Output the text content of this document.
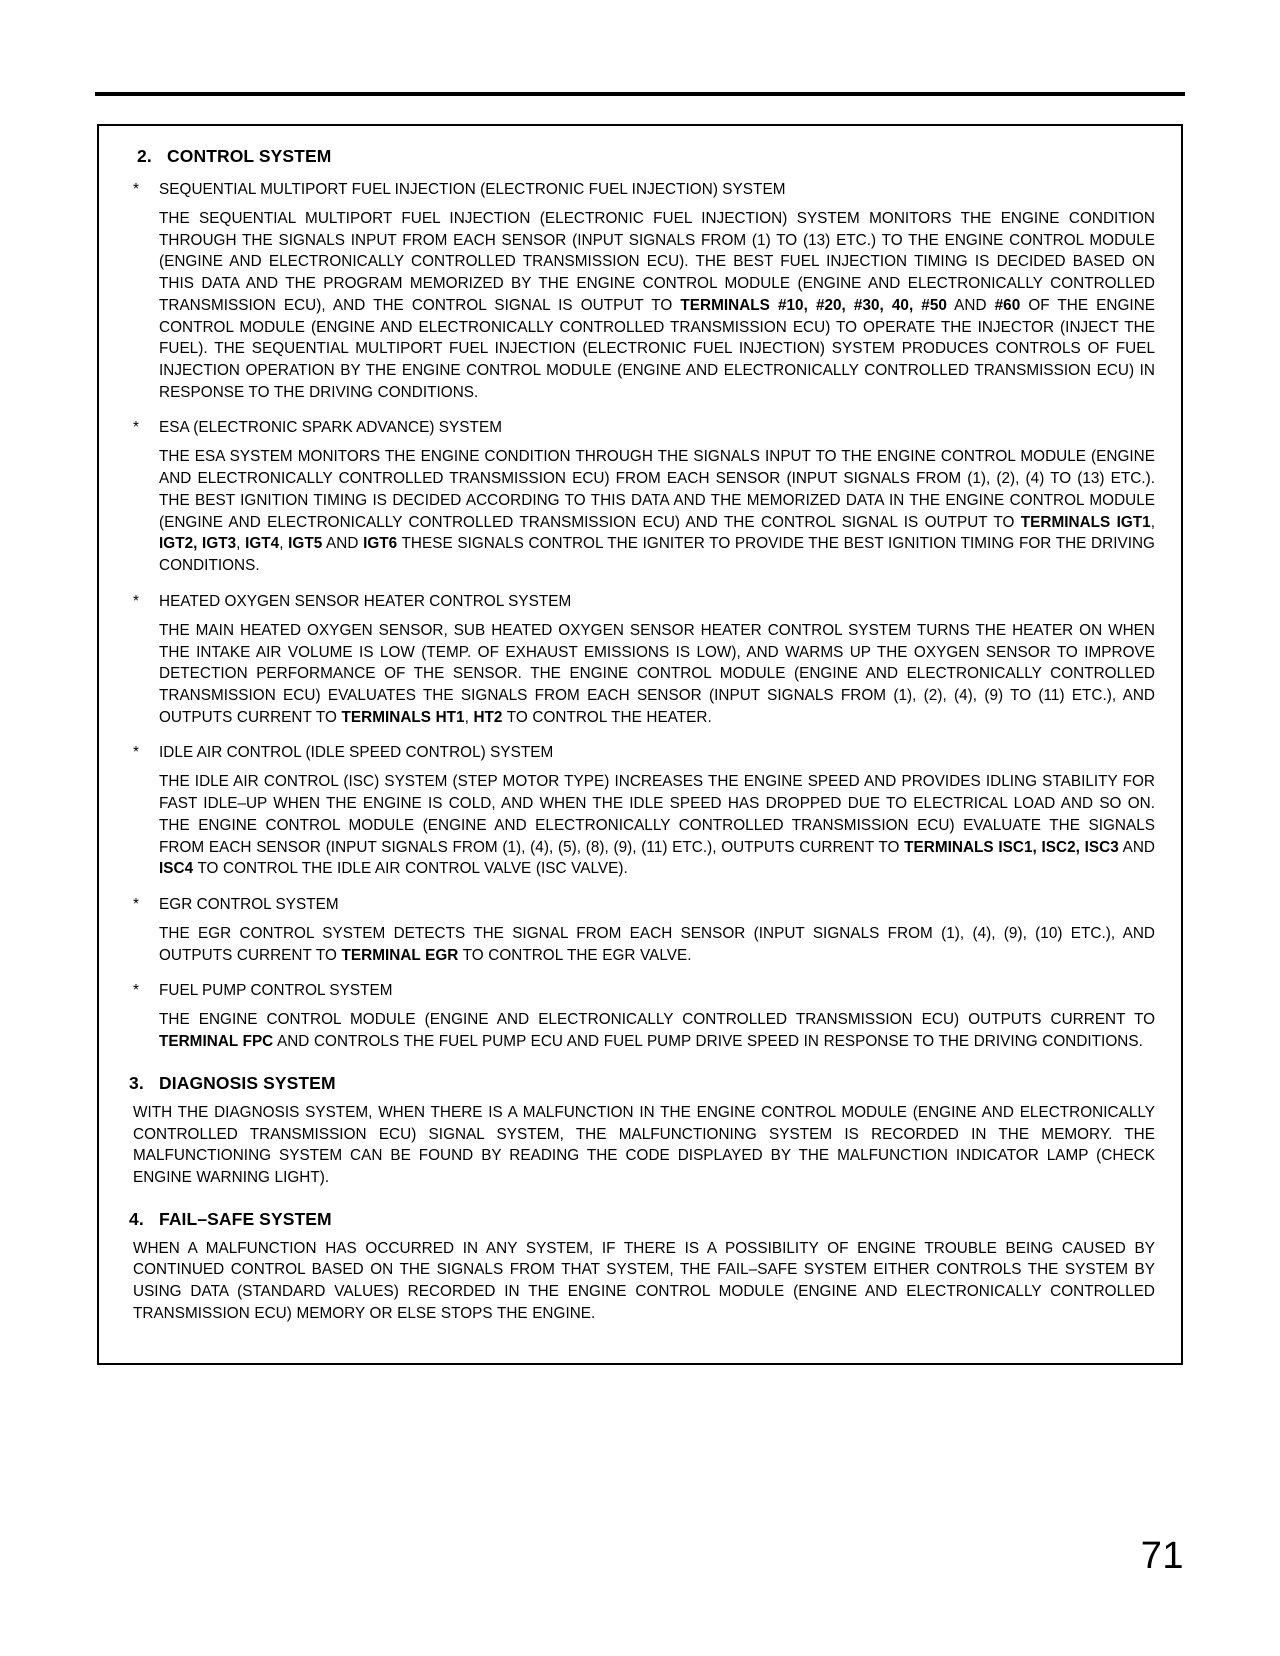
2. CONTROL SYSTEM
*	SEQUENTIAL MULTIPORT FUEL INJECTION (ELECTRONIC FUEL INJECTION) SYSTEM
THE SEQUENTIAL MULTIPORT FUEL INJECTION (ELECTRONIC FUEL INJECTION) SYSTEM MONITORS THE ENGINE CONDITION THROUGH THE SIGNALS INPUT FROM EACH SENSOR (INPUT SIGNALS FROM (1) TO (13) ETC.) TO THE ENGINE CONTROL MODULE (ENGINE AND ELECTRONICALLY CONTROLLED TRANSMISSION ECU). THE BEST FUEL INJECTION TIMING IS DECIDED BASED ON THIS DATA AND THE PROGRAM MEMORIZED BY THE ENGINE CONTROL MODULE (ENGINE AND ELECTRONICALLY CONTROLLED TRANSMISSION ECU), AND THE CONTROL SIGNAL IS OUTPUT TO TERMINALS #10, #20, #30, 40, #50 AND #60 OF THE ENGINE CONTROL MODULE (ENGINE AND ELECTRONICALLY CONTROLLED TRANSMISSION ECU) TO OPERATE THE INJECTOR (INJECT THE FUEL). THE SEQUENTIAL MULTIPORT FUEL INJECTION (ELECTRONIC FUEL INJECTION) SYSTEM PRODUCES CONTROLS OF FUEL INJECTION OPERATION BY THE ENGINE CONTROL MODULE (ENGINE AND ELECTRONICALLY CONTROLLED TRANSMISSION ECU) IN RESPONSE TO THE DRIVING CONDITIONS.
*	ESA (ELECTRONIC SPARK ADVANCE) SYSTEM
THE ESA SYSTEM MONITORS THE ENGINE CONDITION THROUGH THE SIGNALS INPUT TO THE ENGINE CONTROL MODULE (ENGINE AND ELECTRONICALLY CONTROLLED TRANSMISSION ECU) FROM EACH SENSOR (INPUT SIGNALS FROM (1), (2), (4) TO (13) ETC.). THE BEST IGNITION TIMING IS DECIDED ACCORDING TO THIS DATA AND THE MEMORIZED DATA IN THE ENGINE CONTROL MODULE (ENGINE AND ELECTRONICALLY CONTROLLED TRANSMISSION ECU) AND THE CONTROL SIGNAL IS OUTPUT TO TERMINALS IGT1, IGT2, IGT3, IGT4, IGT5 AND IGT6 THESE SIGNALS CONTROL THE IGNITER TO PROVIDE THE BEST IGNITION TIMING FOR THE DRIVING CONDITIONS.
*	HEATED OXYGEN SENSOR HEATER CONTROL SYSTEM
THE MAIN HEATED OXYGEN SENSOR, SUB HEATED OXYGEN SENSOR HEATER CONTROL SYSTEM TURNS THE HEATER ON WHEN THE INTAKE AIR VOLUME IS LOW (TEMP. OF EXHAUST EMISSIONS IS LOW), AND WARMS UP THE OXYGEN SENSOR TO IMPROVE DETECTION PERFORMANCE OF THE SENSOR. THE ENGINE CONTROL MODULE (ENGINE AND ELECTRONICALLY CONTROLLED TRANSMISSION ECU) EVALUATES THE SIGNALS FROM EACH SENSOR (INPUT SIGNALS FROM (1), (2), (4), (9) TO (11) ETC.), AND OUTPUTS CURRENT TO TERMINALS HT1, HT2 TO CONTROL THE HEATER.
*	IDLE AIR CONTROL (IDLE SPEED CONTROL) SYSTEM
THE IDLE AIR CONTROL (ISC) SYSTEM (STEP MOTOR TYPE) INCREASES THE ENGINE SPEED AND PROVIDES IDLING STABILITY FOR FAST IDLE–UP WHEN THE ENGINE IS COLD, AND WHEN THE IDLE SPEED HAS DROPPED DUE TO ELECTRICAL LOAD AND SO ON. THE ENGINE CONTROL MODULE (ENGINE AND ELECTRONICALLY CONTROLLED TRANSMISSION ECU) EVALUATE THE SIGNALS FROM EACH SENSOR (INPUT SIGNALS FROM (1), (4), (5), (8), (9), (11) ETC.), OUTPUTS CURRENT TO TERMINALS ISC1, ISC2, ISC3 AND ISC4 TO CONTROL THE IDLE AIR CONTROL VALVE (ISC VALVE).
*	EGR CONTROL SYSTEM
THE EGR CONTROL SYSTEM DETECTS THE SIGNAL FROM EACH SENSOR (INPUT SIGNALS FROM (1), (4), (9), (10) ETC.), AND OUTPUTS CURRENT TO TERMINAL EGR TO CONTROL THE EGR VALVE.
*	FUEL PUMP CONTROL SYSTEM
THE ENGINE CONTROL MODULE (ENGINE AND ELECTRONICALLY CONTROLLED TRANSMISSION ECU) OUTPUTS CURRENT TO TERMINAL FPC AND CONTROLS THE FUEL PUMP ECU AND FUEL PUMP DRIVE SPEED IN RESPONSE TO THE DRIVING CONDITIONS.
3. DIAGNOSIS SYSTEM
WITH THE DIAGNOSIS SYSTEM, WHEN THERE IS A MALFUNCTION IN THE ENGINE CONTROL MODULE (ENGINE AND ELECTRONICALLY CONTROLLED TRANSMISSION ECU) SIGNAL SYSTEM, THE MALFUNCTIONING SYSTEM IS RECORDED IN THE MEMORY. THE MALFUNCTIONING SYSTEM CAN BE FOUND BY READING THE CODE DISPLAYED BY THE MALFUNCTION INDICATOR LAMP (CHECK ENGINE WARNING LIGHT).
4. FAIL–SAFE SYSTEM
WHEN A MALFUNCTION HAS OCCURRED IN ANY SYSTEM, IF THERE IS A POSSIBILITY OF ENGINE TROUBLE BEING CAUSED BY CONTINUED CONTROL BASED ON THE SIGNALS FROM THAT SYSTEM, THE FAIL–SAFE SYSTEM EITHER CONTROLS THE SYSTEM BY USING DATA (STANDARD VALUES) RECORDED IN THE ENGINE CONTROL MODULE (ENGINE AND ELECTRONICALLY CONTROLLED TRANSMISSION ECU) MEMORY OR ELSE STOPS THE ENGINE.
71
